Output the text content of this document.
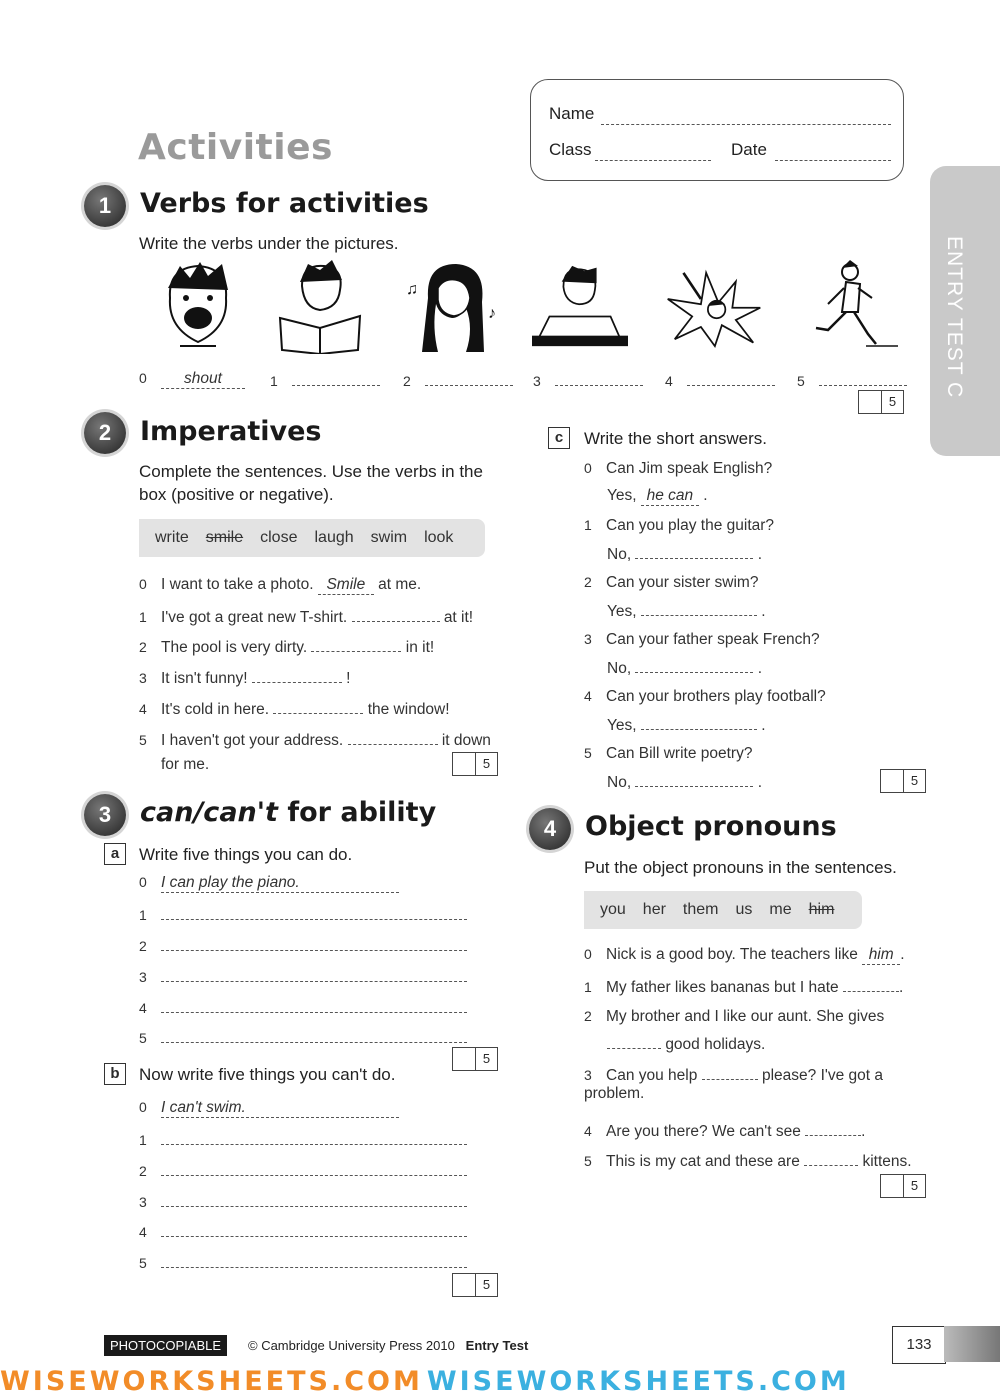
Activities
Name
Class	Date
ENTRY TEST C
1	Verbs for activities
Write the verbs under the pictures.
♫
♪
0 shout	1	2	3	4	5
5
2	Imperatives
Complete the sentences. Use the verbs in the box (positive or negative).
write smile close laugh swim look
0 I want to take a photo. Smile at me.
1 I've got a great new T-shirt.	at it!
2 The pool is very dirty.	in it!
3 It isn't funny!	!
4 It's cold in here.	the window!
5 I haven't got your address.	it down
for me.	5
c	Write the short answers.
0 Can Jim speak English?
Yes, he can .
1 Can you play the guitar?
No,	.
2 Can your sister swim?
Yes,	.
3 Can your father speak French?
No,	.
4 Can your brothers play football?
Yes,	.
5 Can Bill write poetry?
No,	.	5
3	can/can't for ability
a	Write five things you can do.
0 I can play the piano.
1
2
3
4
5
5
b	Now write five things you can't do.
0 I can't swim.
1
2
3
4
5
5
4	Object pronouns
Put the object pronouns in the sentences.
you her them us me him
0 Nick is a good boy. The teachers like him .
1 My father likes bananas but I hate	.
2 My brother and I like our aunt. She gives
good holidays.
3 Can you help	please? I've got a problem.
4 Are you there? We can't see	.
5 This is my cat and these are	kittens.
5
PHOTOCOPIABLE	© Cambridge University Press 2010 Entry Test	133
WISEWORKSHEETS.COM WISEWORKSHEETS.COM
